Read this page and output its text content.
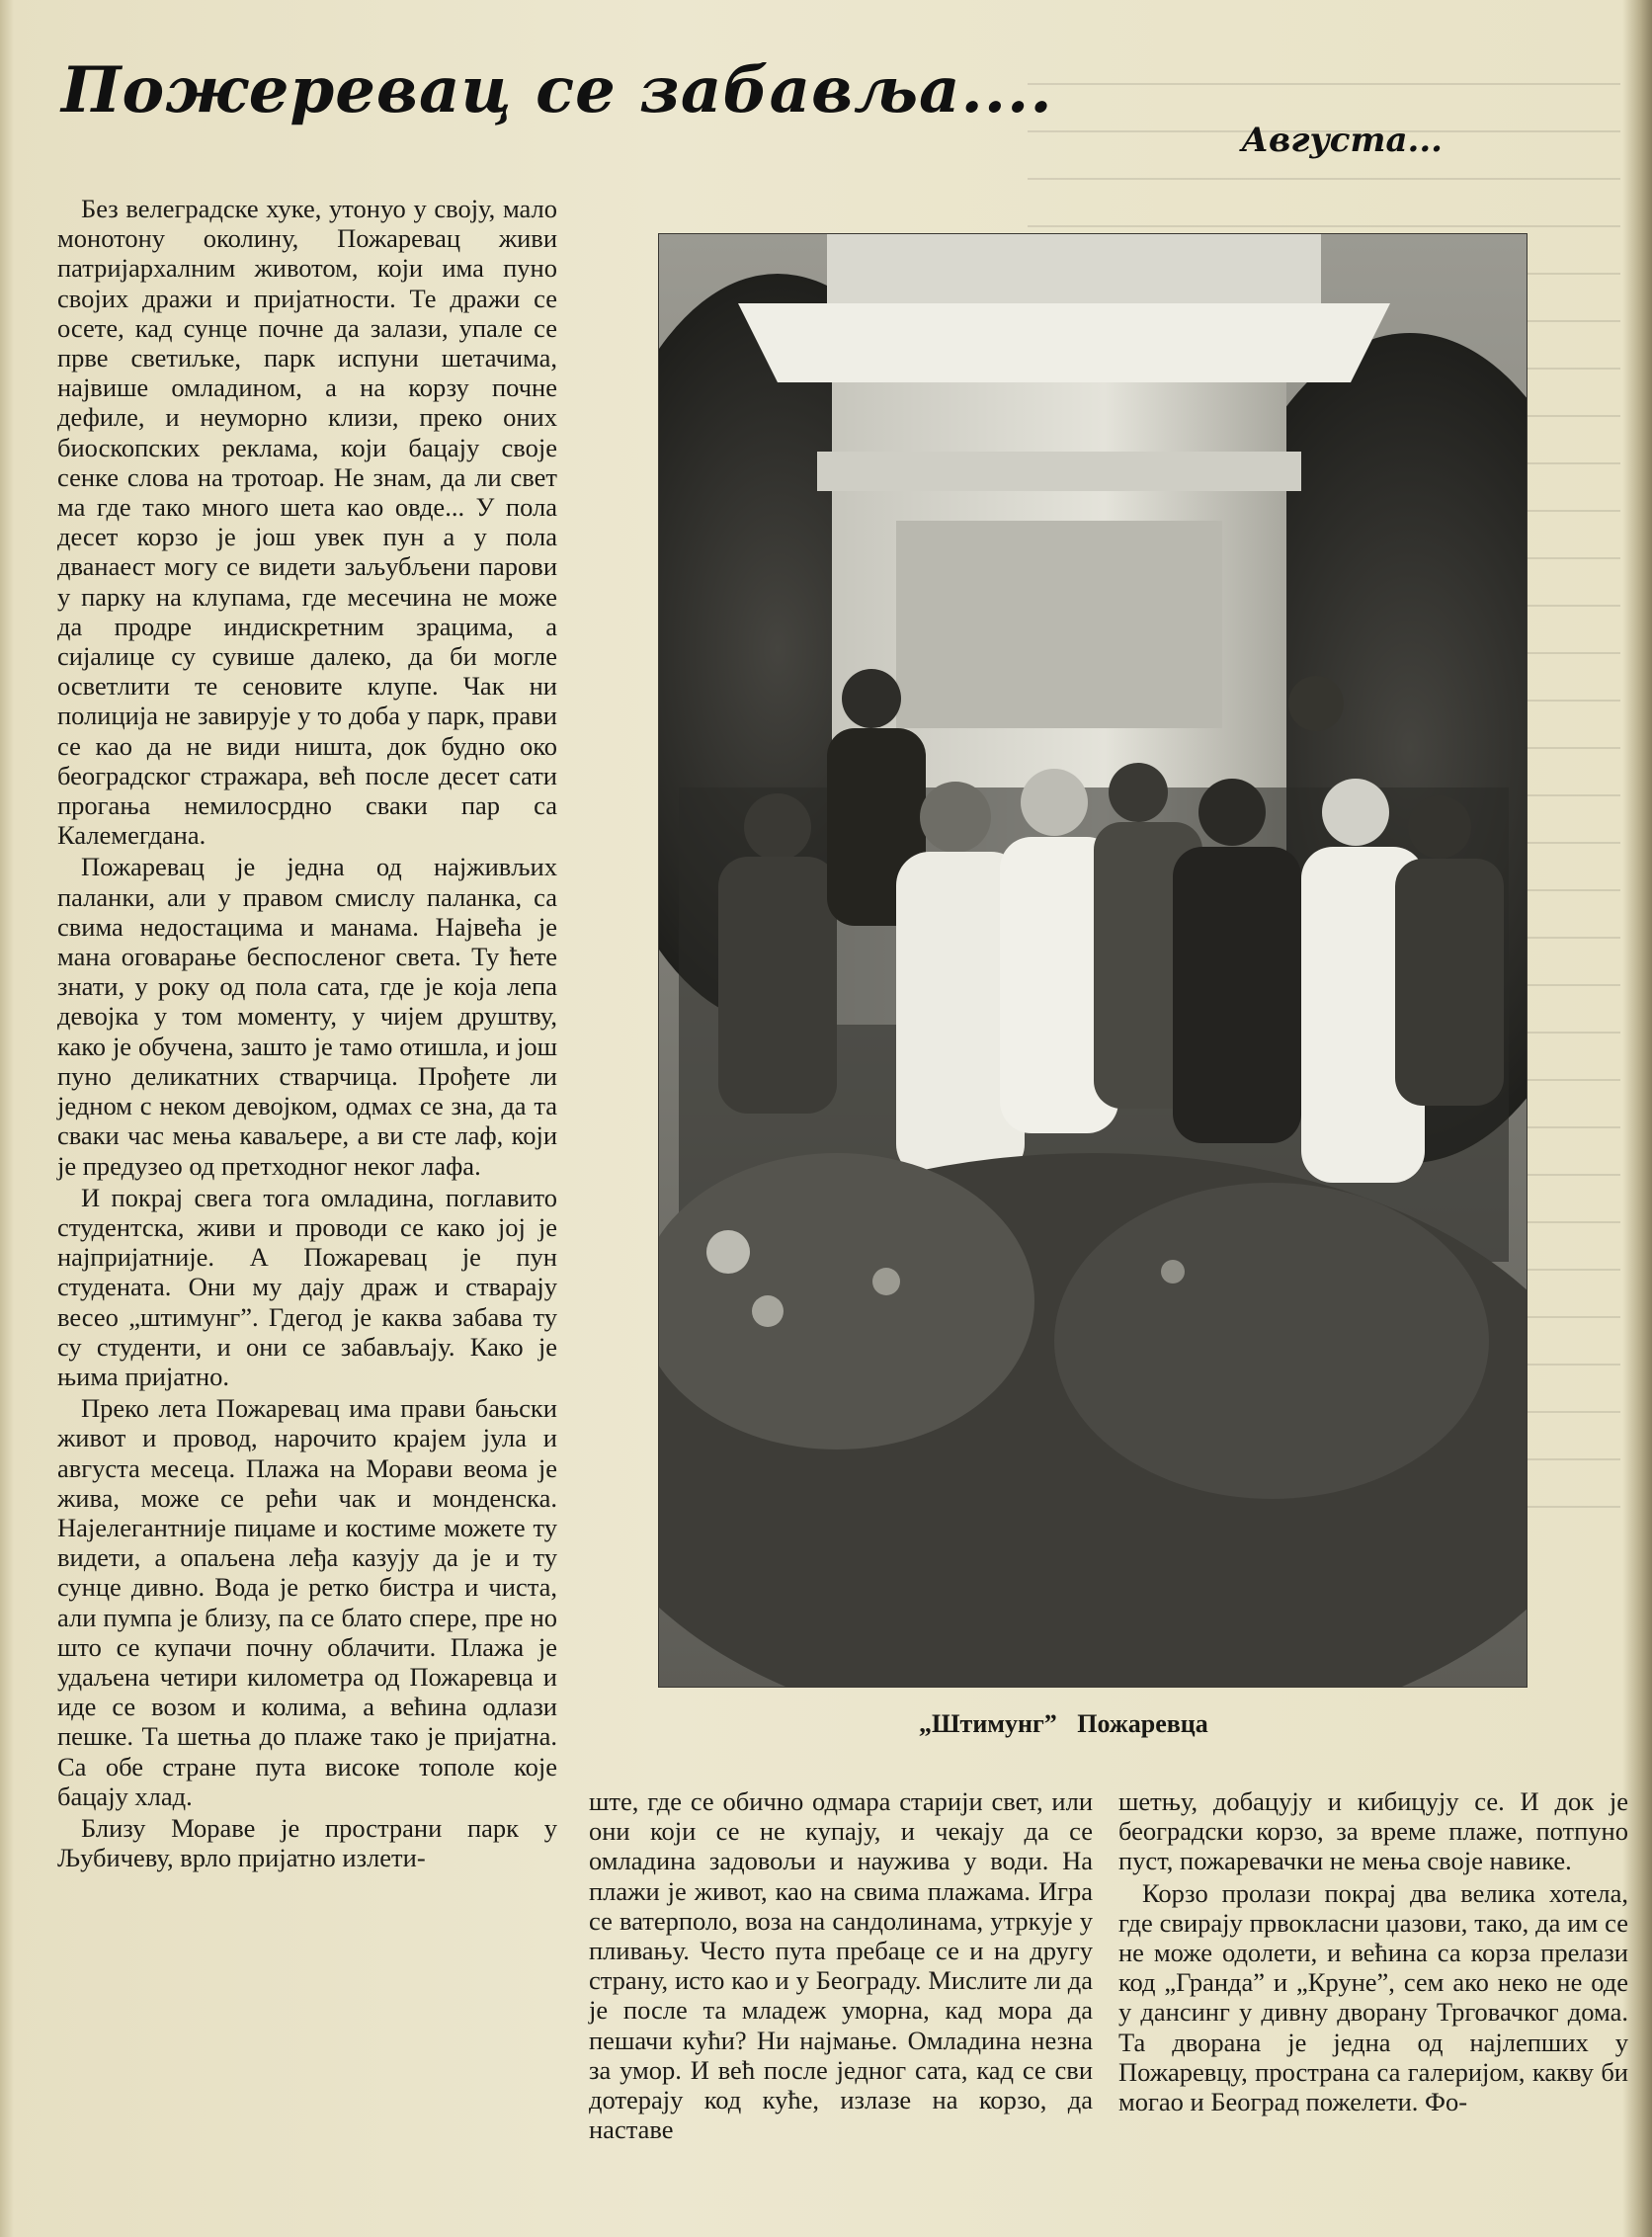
Пожеревац се забавља....
Августа...

Без велеградске хуке, утонуо у своју, мало монотону околину, Пожаревац живи патријархалним животом, који има пуно својих дражи и пријатности. Те дражи се осете, кад сунце почне да залази, упале се прве светиљке, парк испуни шетачима, највише омладином, а на корзу почне дефиле, и неуморно клизи, преко оних биоскопских реклама, који бацају своје сенке слова на тротоар. Не знам, да ли свет ма где тако много шета као овде... У пола десет корзо је још увек пун а у пола дванаест могу се видети заљубљени парови у парку на клупама, где месечина не може да продре индискретним зрацима, а сијалице су сувише далеко, да би могле осветлити те сеновите клупе. Чак ни полиција не завирује у то доба у парк, прави се као да не види ништа, док будно око београдског стражара, већ после десет сати прогања немилосрдно сваки пар са Калемегдана.

Пожаревац је једна од најживљих паланки, али у правом смислу паланка, са свима недостацима и манама. Највећа је мана оговарање беспосленог света. Ту ћете знати, у року од пола сата, где је која лепа девојка у том моменту, у чијем друштву, како је обучена, зашто је тамо отишла, и још пуно деликатних ствaрчица. Прођете ли једном с неком девојком, одмах се зна, да та сваки час мења каваљере, а ви сте лаф, који је предузео од претходног неког лафа.

И покрај свега тога омладина, поглавито студентска, живи и проводи се како јој је најпријатније. А Пожаревац је пун студената. Они му дају драж и стварају весео „штимунг”. Гдегод је каква забава ту су студенти, и они се забављају. Како је њима пријатно.

Преко лета Пожаревац има прави бањски живот и провод, нарочито крајем јула и августа месеца. Плажа на Морави веома је жива, може се рећи чак и монденска. Најелегантније пиџаме и костиме можете ту видети, а опаљена леђа казују да је и ту сунце дивно. Вода је ретко бистра и чиста, али пумпа је близу, па се блато спере, пре но што се купачи почну облачити. Плажа је удаљена четири километра од Пожаревца и иде се возом и колима, а већина одлази пешке. Та шетња до плаже тако је пријатна. Са обе стране пута високе тополе које бацају хлад.

Близу Мораве је пространи парк у Љубичеву, врло пријатно излети-

„Штимунг” Пожаревца

ште, где се обично одмара старији свет, или они који се не купају, и чекају да се омладина задовољи и наужива у води. На плажи је живот, као на свима плажама. Игра се ватерполо, воза на сандолинама, утркује у пливању. Често пута пребаце се и на другу страну, исто као и у Београду. Мислите ли да је после та младеж уморна, кад мора да пешачи кући? Ни најмање. Омладина незна за умор. И већ после једног сата, кад се сви дотерају код куће, излазе на корзо, да наставе

шетњу, добацују и кибицују се. И док је београдски корзо, за време плаже, потпуно пуст, пожаревачки не мења своје навике.

Корзо пролази покрај два велика хотела, где свирају првокласни џазови, тако, да им се не може одолети, и већина са корза прелази код „Гранда” и „Круне”, сем ако неко не оде у дансинг у дивну дворану Трговачког дома. Та дворана је једна од најлепших у Пожаревцу, пространа са галеријом, какву би могао и Београд пожелети. Фо-
